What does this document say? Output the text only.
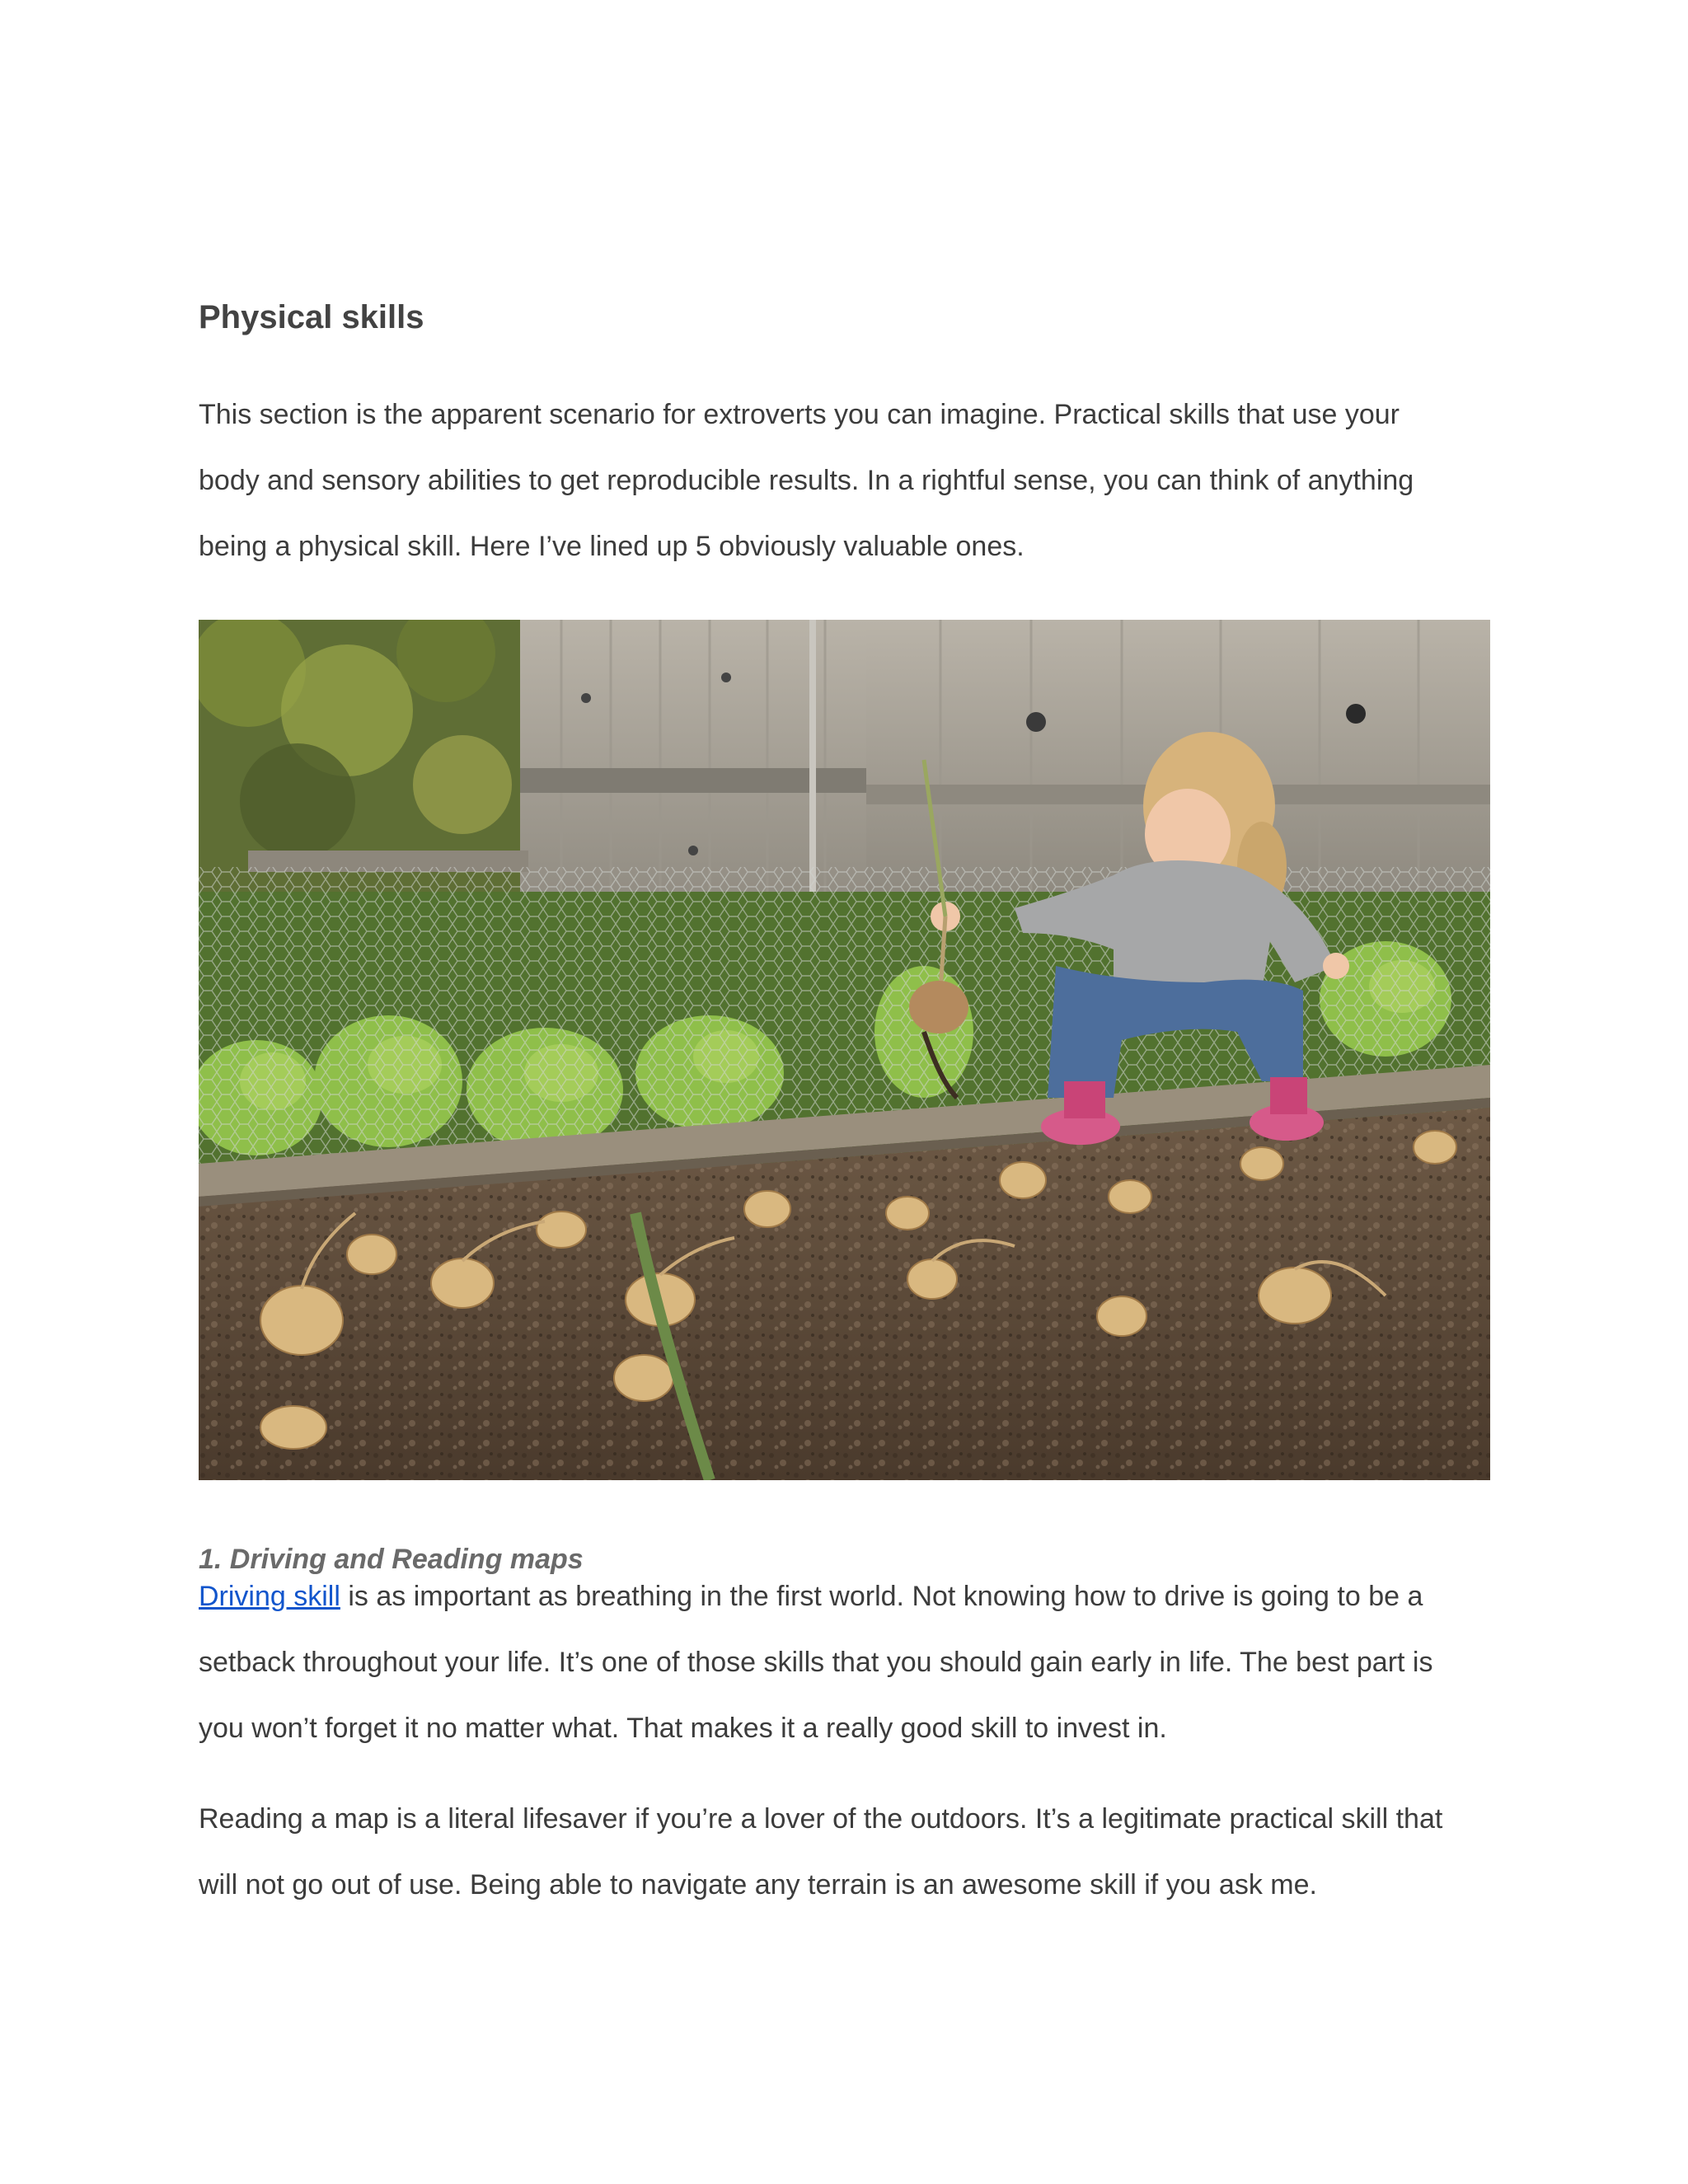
Physical skills

This section is the apparent scenario for extroverts you can imagine. Practical skills that use your
body and sensory abilities to get reproducible results. In a rightful sense, you can think of anything
being a physical skill. Here I’ve lined up 5 obviously valuable ones.

1. Driving and Reading maps

Driving skill is as important as breathing in the first world. Not knowing how to drive is going to be a
setback throughout your life. It’s one of those skills that you should gain early in life. The best part is
you won’t forget it no matter what. That makes it a really good skill to invest in.

Reading a map is a literal lifesaver if you’re a lover of the outdoors. It’s a legitimate practical skill that
will not go out of use. Being able to navigate any terrain is an awesome skill if you ask me.
